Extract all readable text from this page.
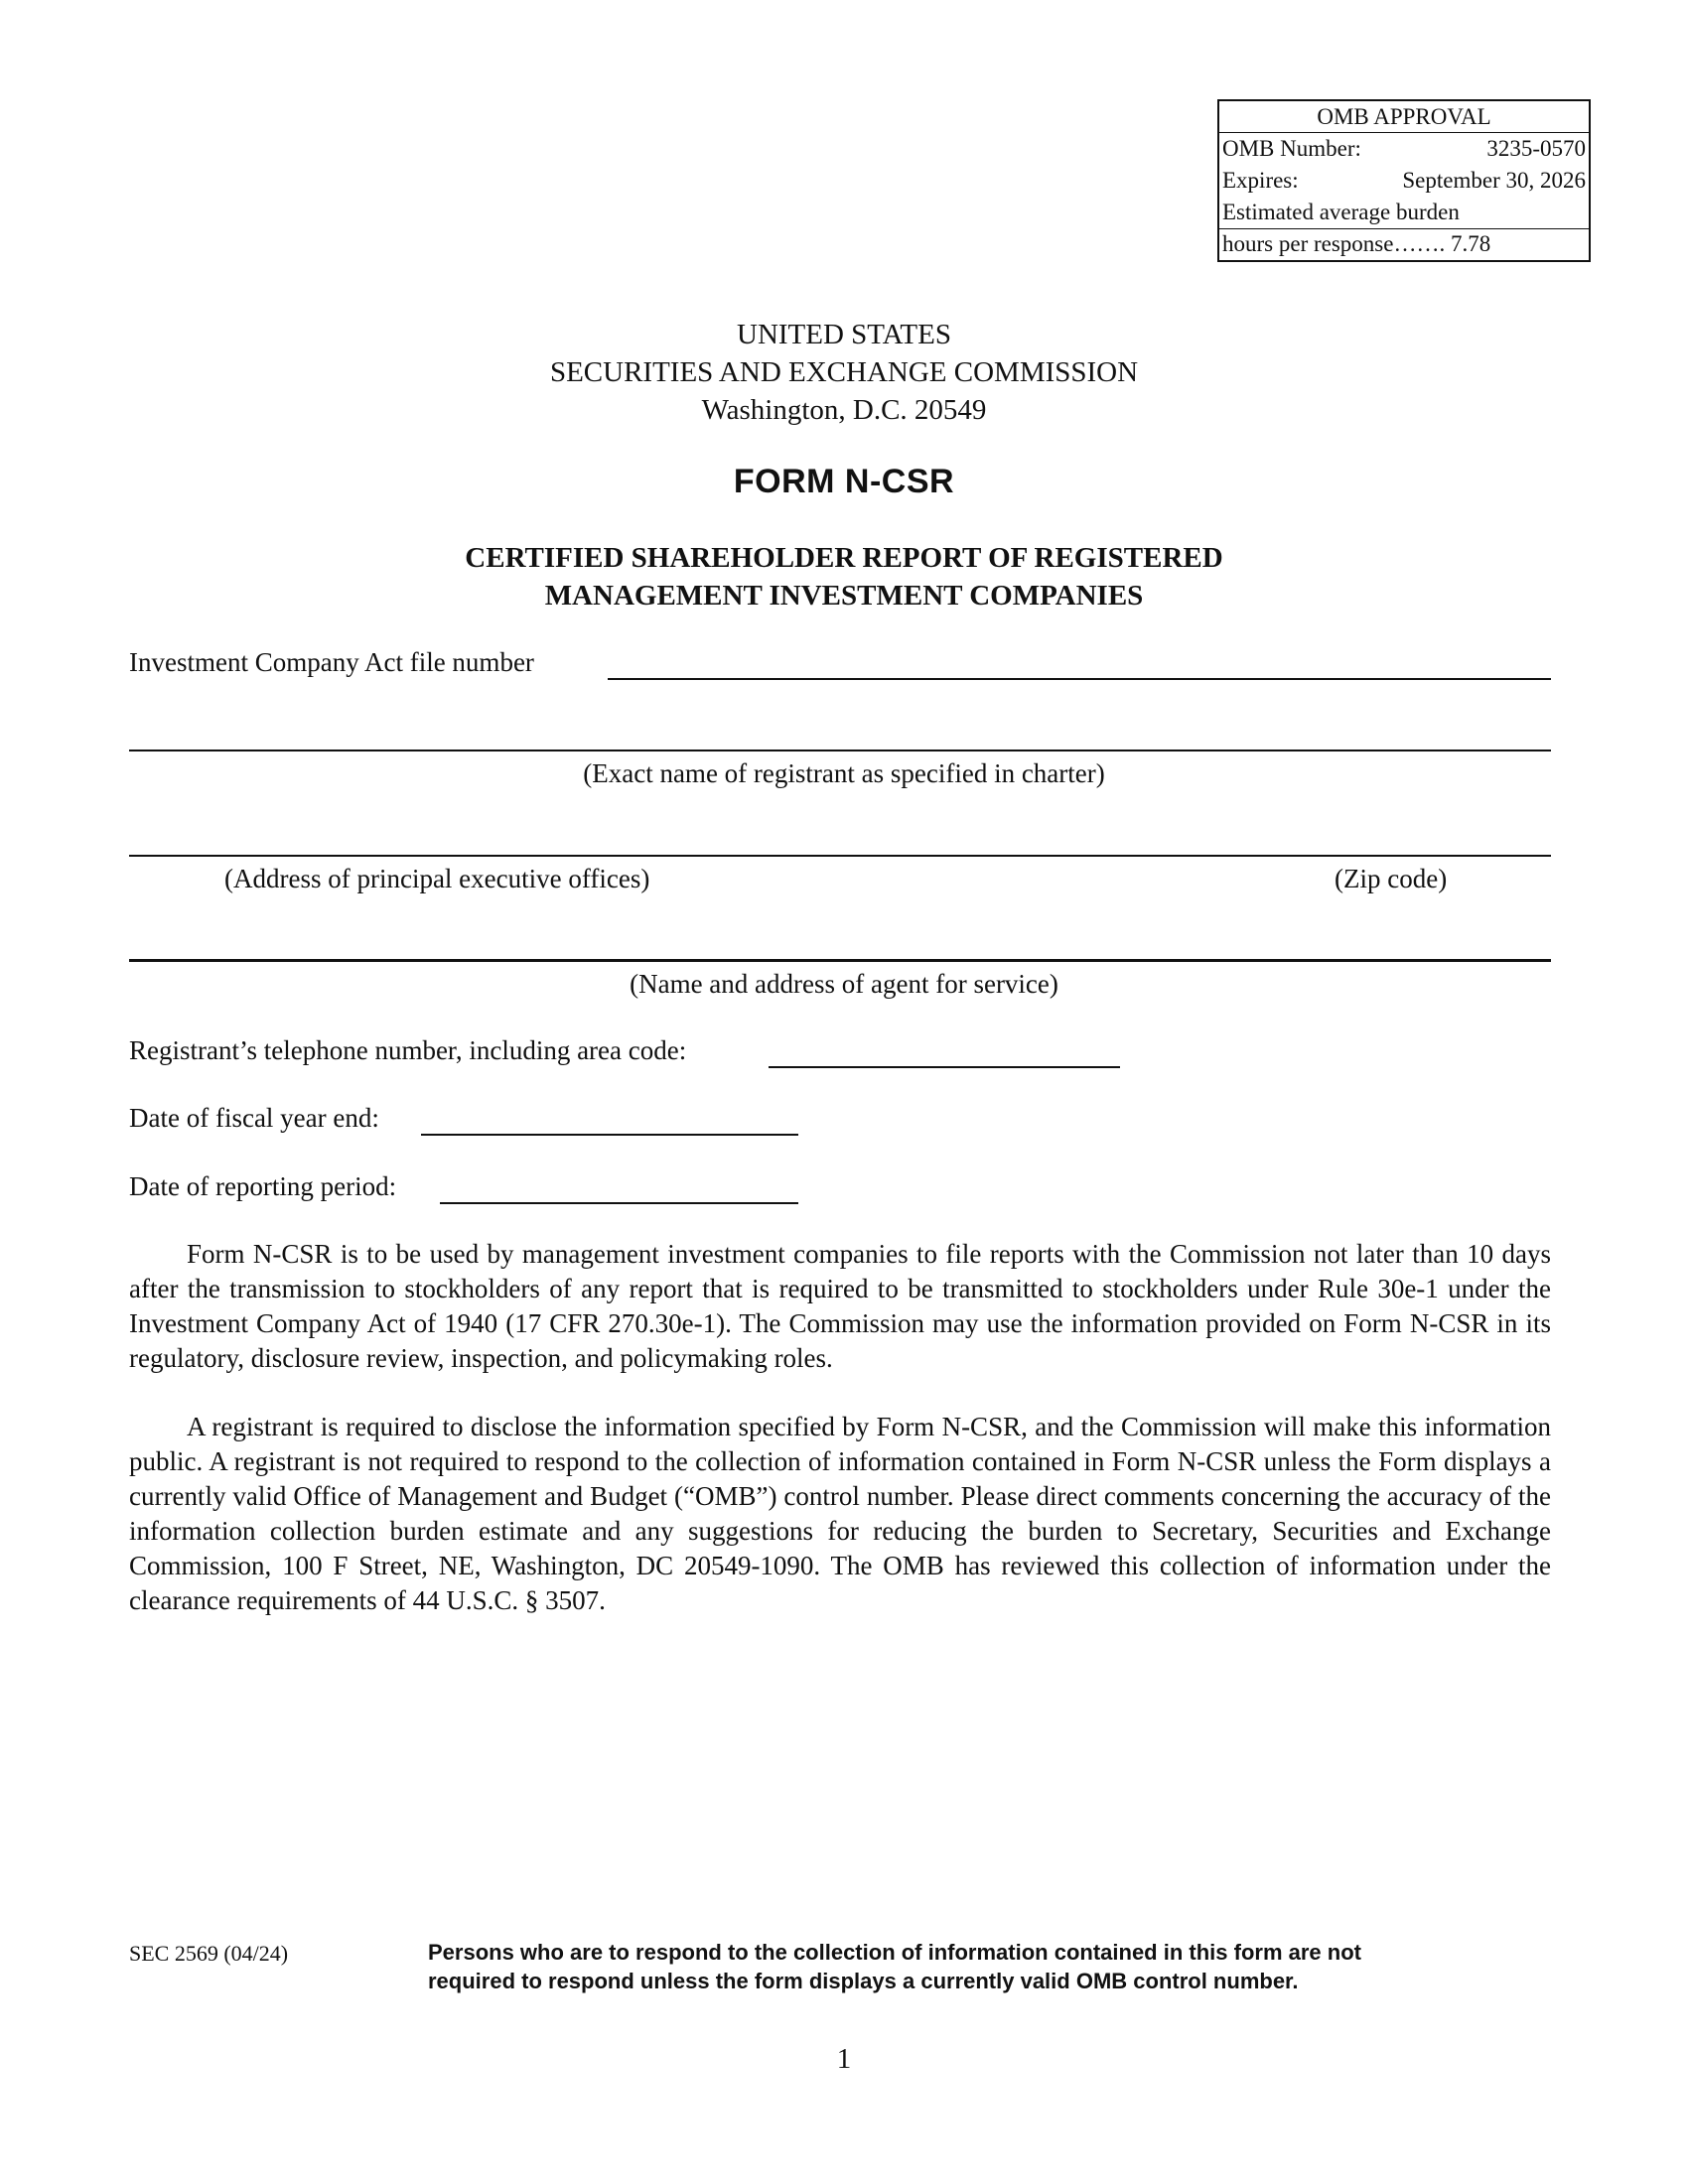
OMB APPROVAL
OMB Number:	3235-0570
Expires:	September 30, 2026
Estimated average burden
hours per response……. 7.78
UNITED STATES
SECURITIES AND EXCHANGE COMMISSION
Washington, D.C. 20549
FORM N-CSR
CERTIFIED SHAREHOLDER REPORT OF REGISTERED
MANAGEMENT INVESTMENT COMPANIES
Investment Company Act file number
(Exact name of registrant as specified in charter)
(Address of principal executive offices)	(Zip code)
(Name and address of agent for service)
Registrant’s telephone number, including area code:
Date of fiscal year end:
Date of reporting period:
Form N-CSR is to be used by management investment companies to file reports with the Commission not later than 10 days after the transmission to stockholders of any report that is required to be transmitted to stockholders under Rule 30e-1 under the Investment Company Act of 1940 (17 CFR 270.30e-1). The Commission may use the information provided on Form N-CSR in its regulatory, disclosure review, inspection, and policymaking roles.
A registrant is required to disclose the information specified by Form N-CSR, and the Commission will make this information public. A registrant is not required to respond to the collection of information contained in Form N-CSR unless the Form displays a currently valid Office of Management and Budget (“OMB”) control number. Please direct comments concerning the accuracy of the information collection burden estimate and any suggestions for reducing the burden to Secretary, Securities and Exchange Commission, 100 F Street, NE, Washington, DC 20549-1090. The OMB has reviewed this collection of information under the clearance requirements of 44 U.S.C. § 3507.
SEC 2569 (04/24)	Persons who are to respond to the collection of information contained in this form are not
required to respond unless the form displays a currently valid OMB control number.
1
